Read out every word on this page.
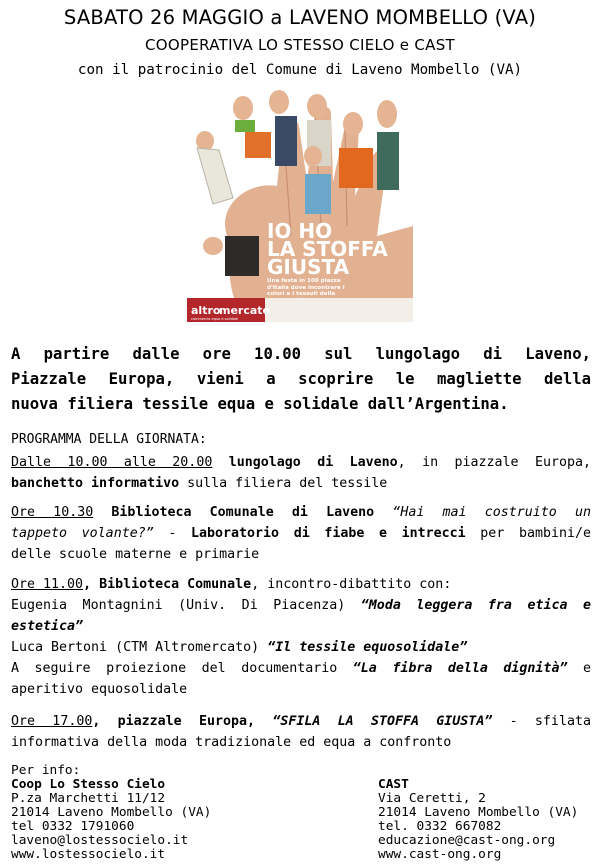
SABATO 26 MAGGIO a LAVENO MOMBELLO (VA)
COOPERATIVA LO STESSO CIELO e CAST
con il patrocinio del Comune di Laveno Mombello (VA)
IO HO
LA STOFFA
GIUSTA
Una festa in 100 piazze d'Italia dove incontrare i colori e i tessuti della
altro
mercato
commercio equo e solidale
A partire dalle ore 10.00 sul lungolago di Laveno,
Piazzale Europa, vieni a scoprire le magliette della
nuova filiera tessile equa e solidale dall’Argentina.
PROGRAMMA DELLA GIORNATA:
Dalle 10.00 alle 20.00 lungolago di Laveno, in piazzale Europa,
banchetto informativo sulla filiera del tessile
Ore 10.30 Biblioteca Comunale di Laveno “Hai mai costruito un
tappeto volante?” - Laboratorio di fiabe e intrecci per bambini/e
delle scuole materne e primarie
Ore 11.00, Biblioteca Comunale, incontro-dibattito con:
Eugenia Montagnini (Univ. Di Piacenza) “Moda leggera fra etica e
estetica”
Luca Bertoni (CTM Altromercato) “Il tessile equosolidale”
A seguire proiezione del documentario “La fibra della dignità” e
aperitivo equosolidale
Ore 17.00, piazzale Europa, “SFILA LA STOFFA GIUSTA” - sfilata
informativa della moda tradizionale ed equa a confronto
Per info:
Coop Lo Stesso Cielo
P.za Marchetti 11/12
21014 Laveno Mombello (VA)
tel 0332 1791060
laveno@lostessocielo.it
www.lostessocielo.it
CAST
Via Ceretti, 2
21014 Laveno Mombello (VA)
tel. 0332 667082
educazione@cast-ong.org
www.cast-ong.org
